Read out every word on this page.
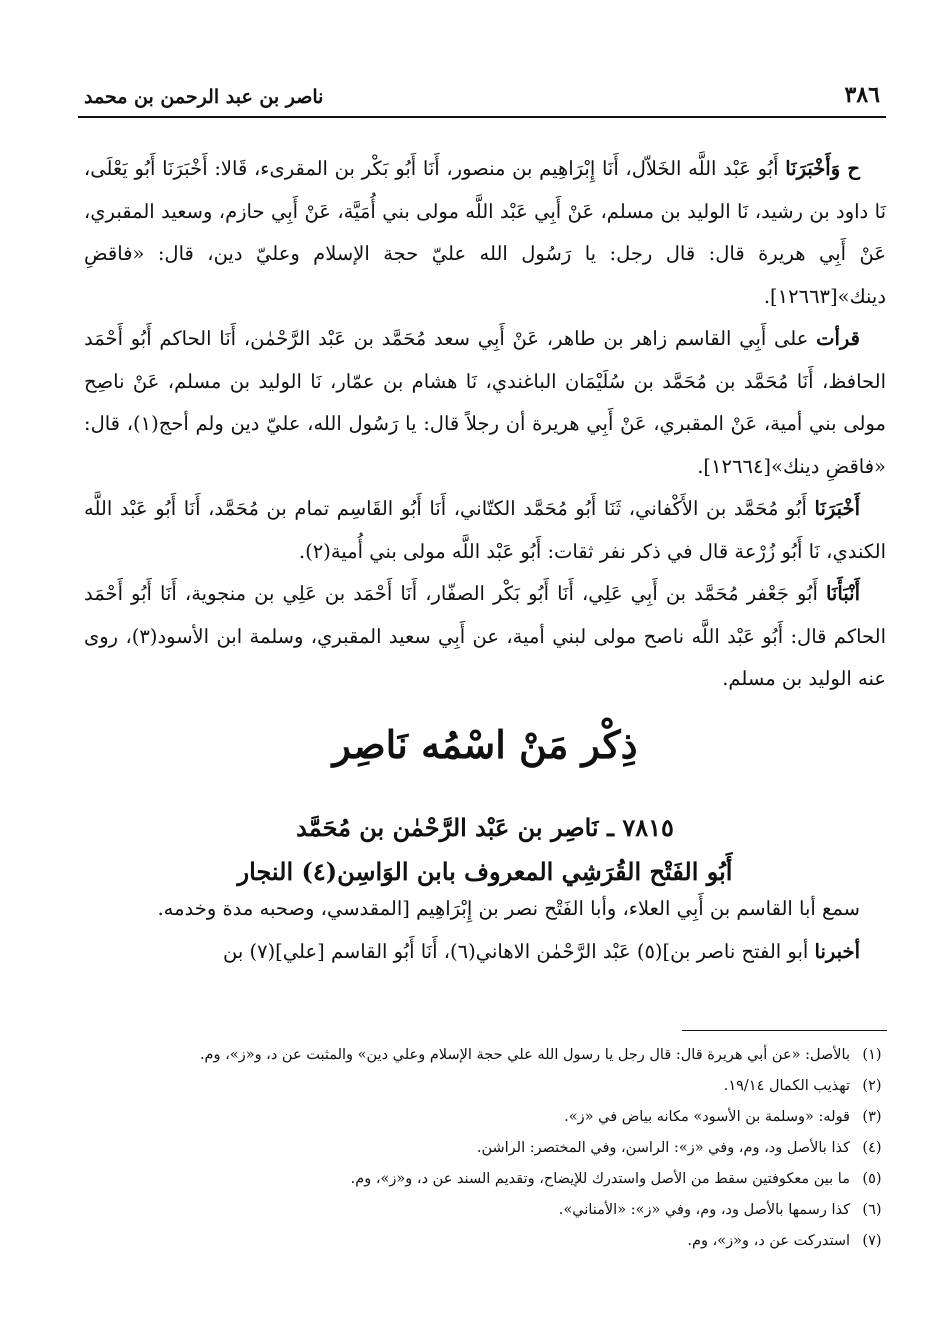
٣٨٦
ناصر بن عبد الرحمن بن محمد

ح وَأَخْبَرَنَا أَبُو عَبْد اللَّه الخَلاّل، أَنَا إِبْرَاهِيم بن منصور، أَنَا أَبُو بَكْر بن المقرىء، قَالا: أَخْبَرَنَا أَبُو يَعْلَى، نَا داود بن رشيد، نَا الوليد بن مسلم، عَنْ أَبِي عَبْد اللَّه مولى بني أُمَيَّة، عَنْ أَبِي حازم، وسعيد المقبري، عَنْ أَبِي هريرة قال: قال رجل: يا رَسُول الله عليّ حجة الإسلام وعليّ دين، قال: «فاقضِ دينك»[١٢٦٦٣].

قرأت على أَبِي القاسم زاهر بن طاهر، عَنْ أَبِي سعد مُحَمَّد بن عَبْد الرَّحْمٰن، أَنَا الحاكم أَبُو أَحْمَد الحافظ، أَنَا مُحَمَّد بن مُحَمَّد بن سُلَيْمَان الباغندي، نَا هشام بن عمّار، نَا الوليد بن مسلم، عَنْ ناصِح مولى بني أمية، عَنْ المقبري، عَنْ أَبِي هريرة أن رجلاً قال: يا رَسُول الله، عليّ دين ولم أحج(١)، قال: «فاقضِ دينك»[١٢٦٦٤].

أَخْبَرَنَا أَبُو مُحَمَّد بن الأَكْفاني، ثَنَا أَبُو مُحَمَّد الكتّاني، أَنَا أَبُو القَاسِم تمام بن مُحَمَّد، أَنَا أَبُو عَبْد اللَّه الكندي، نَا أَبُو زُرْعة قال في ذكر نفر ثقات: أَبُو عَبْد اللَّه مولى بني أُمية(٢).

أَنْبَأَنَا أَبُو جَعْفر مُحَمَّد بن أَبِي عَلِي، أَنَا أَبُو بَكْر الصفّار، أَنَا أَحْمَد بن عَلِي بن منجوية، أَنَا أَبُو أَحْمَد الحاكم قال: أَبُو عَبْد اللَّه ناصح مولى لبني أمية، عن أَبِي سعيد المقبري، وسلمة ابن الأسود(٣)، روى عنه الوليد بن مسلم.

ذِكْر مَنْ اسْمُه نَاصِر
٧٨١٥ ـ نَاصِر بن عَبْد الرَّحْمٰن بن مُحَمَّد
أَبُو الفَتْح القُرَشِي المعروف بابن الوَاسِن(٤) النجار

سمع أبا القاسم بن أَبِي العلاء، وأبا الفَتْح نصر بن إِبْرَاهِيم [المقدسي، وصحبه مدة وخدمه.

أخبرنا أبو الفتح ناصر بن](٥) عَبْد الرَّحْمٰن الاهاني(٦)، أَنَا أَبُو القاسم [علي](٧) بن

(١)
بالأصل: «عن أبي هريرة قال: قال رجل يا رسول الله علي حجة الإسلام وعلي دين» والمثبت عن د، و«ز»، وم.
(٢)
تهذيب الكمال ١٩/١٤.
(٣)
قوله: «وسلمة بن الأسود» مكانه بياض في «ز».
(٤)
كذا بالأصل ود، وم، وفي «ز»: الراسن، وفي المختصر: الراشن.
(٥)
ما بين معكوفتين سقط من الأصل واستدرك للإيضاح، وتقديم السند عن د، و«ز»، وم.
(٦)
كذا رسمها بالأصل ود، وم، وفي «ز»: «الأمناني».
(٧)
استدركت عن د، و«ز»، وم.
